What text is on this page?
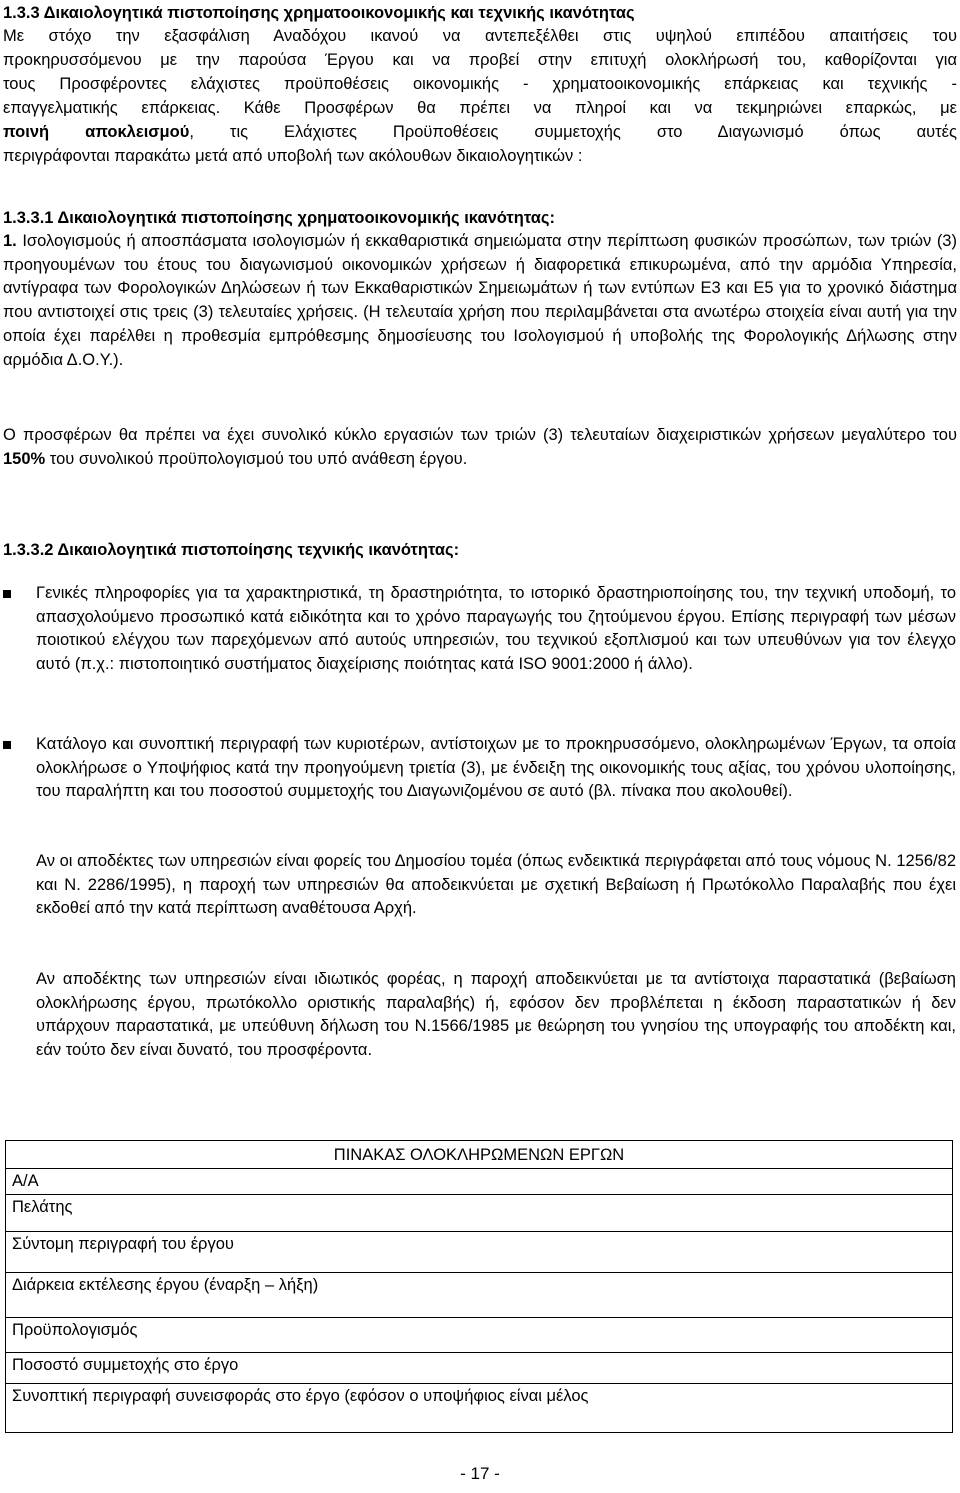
1.3.3 Δικαιολογητικά πιστοποίησης χρηματοοικονομικής και τεχνικής ικανότητας
Με στόχο την εξασφάλιση Αναδόχου ικανού να αντεπεξέλθει στις υψηλού επιπέδου απαιτήσεις του
προκηρυσσόμενου με την παρούσα Έργου και να προβεί στην επιτυχή ολοκλήρωσή του, καθορίζονται για
τους Προσφέροντες ελάχιστες προϋποθέσεις οικονομικής - χρηματοοικονομικής επάρκειας και τεχνικής -
επαγγελματικής επάρκειας. Κάθε Προσφέρων θα πρέπει να πληροί και να τεκμηριώνει επαρκώς, με
ποινή αποκλεισμού, τις Ελάχιστες Προϋποθέσεις συμμετοχής στο Διαγωνισμό όπως αυτές
περιγράφονται παρακάτω μετά από υποβολή των ακόλουθων δικαιολογητικών :
1.3.3.1 Δικαιολογητικά πιστοποίησης χρηματοοικονομικής ικανότητας:
1. Ισολογισμούς ή αποσπάσματα ισολογισμών ή εκκαθαριστικά σημειώματα στην περίπτωση φυσικών προσώπων, των τριών (3) προηγουμένων του έτους του διαγωνισμού οικονομικών χρήσεων ή διαφορετικά επικυρωμένα, από την αρμόδια Υπηρεσία, αντίγραφα των Φορολογικών Δηλώσεων ή των Εκκαθαριστικών Σημειωμάτων ή των εντύπων Ε3 και Ε5 για το χρονικό διάστημα που αντιστοιχεί στις τρεις (3) τελευταίες χρήσεις. (Η τελευταία χρήση που περιλαμβάνεται στα ανωτέρω στοιχεία είναι αυτή για την οποία έχει παρέλθει η προθεσμία εμπρόθεσμης δημοσίευσης του Ισολογισμού ή υποβολής της Φορολογικής Δήλωσης στην αρμόδια Δ.Ο.Υ.).
Ο προσφέρων θα πρέπει να έχει συνολικό κύκλο εργασιών των τριών (3) τελευταίων διαχειριστικών χρήσεων μεγαλύτερο του 150% του συνολικού προϋπολογισμού του υπό ανάθεση έργου.
1.3.3.2 Δικαιολογητικά πιστοποίησης τεχνικής ικανότητας:
Γενικές πληροφορίες για τα χαρακτηριστικά, τη δραστηριότητα, το ιστορικό δραστηριοποίησης του, την τεχνική υποδομή, το απασχολούμενο προσωπικό κατά ειδικότητα και το χρόνο παραγωγής του ζητούμενου έργου. Επίσης περιγραφή των μέσων ποιοτικού ελέγχου των παρεχόμενων από αυτούς υπηρεσιών, του τεχνικού εξοπλισμού και των υπευθύνων για τον έλεγχο αυτό (π.χ.: πιστοποιητικό συστήματος διαχείρισης ποιότητας κατά ISO 9001:2000 ή άλλο).
Κατάλογο και συνοπτική περιγραφή των κυριοτέρων, αντίστοιχων με το προκηρυσσόμενο, ολοκληρωμένων Έργων, τα οποία ολοκλήρωσε ο Υποψήφιος κατά την προηγούμενη τριετία (3), με ένδειξη της οικονομικής τους αξίας, του χρόνου υλοποίησης, του παραλήπτη και του ποσοστού συμμετοχής του Διαγωνιζομένου σε αυτό (βλ. πίνακα που ακολουθεί).
Αν οι αποδέκτες των υπηρεσιών είναι φορείς του Δημοσίου τομέα (όπως ενδεικτικά περιγράφεται από τους νόμους Ν. 1256/82 και Ν. 2286/1995), η παροχή των υπηρεσιών θα αποδεικνύεται με σχετική Βεβαίωση ή Πρωτόκολλο Παραλαβής που έχει εκδοθεί από την κατά περίπτωση αναθέτουσα Αρχή.
Αν αποδέκτης των υπηρεσιών είναι ιδιωτικός φορέας, η παροχή αποδεικνύεται με τα αντίστοιχα παραστατικά (βεβαίωση ολοκλήρωσης έργου, πρωτόκολλο οριστικής παραλαβής) ή, εφόσον δεν προβλέπεται η έκδοση παραστατικών ή δεν υπάρχουν παραστατικά, με υπεύθυνη δήλωση του Ν.1566/1985 με θεώρηση του γνησίου της υπογραφής του αποδέκτη και, εάν τούτο δεν είναι δυνατό, του προσφέροντα.
ΠΙΝΑΚΑΣ ΟΛΟΚΛΗΡΩΜΕΝΩΝ ΕΡΓΩΝ
Α/Α
Πελάτης
Σύντομη περιγραφή του έργου
Διάρκεια εκτέλεσης έργου (έναρξη – λήξη)
Προϋπολογισμός
Ποσοστό συμμετοχής στο έργο
Συνοπτική περιγραφή συνεισφοράς στο έργο (εφόσον ο υποψήφιος είναι μέλος
- 17 -
